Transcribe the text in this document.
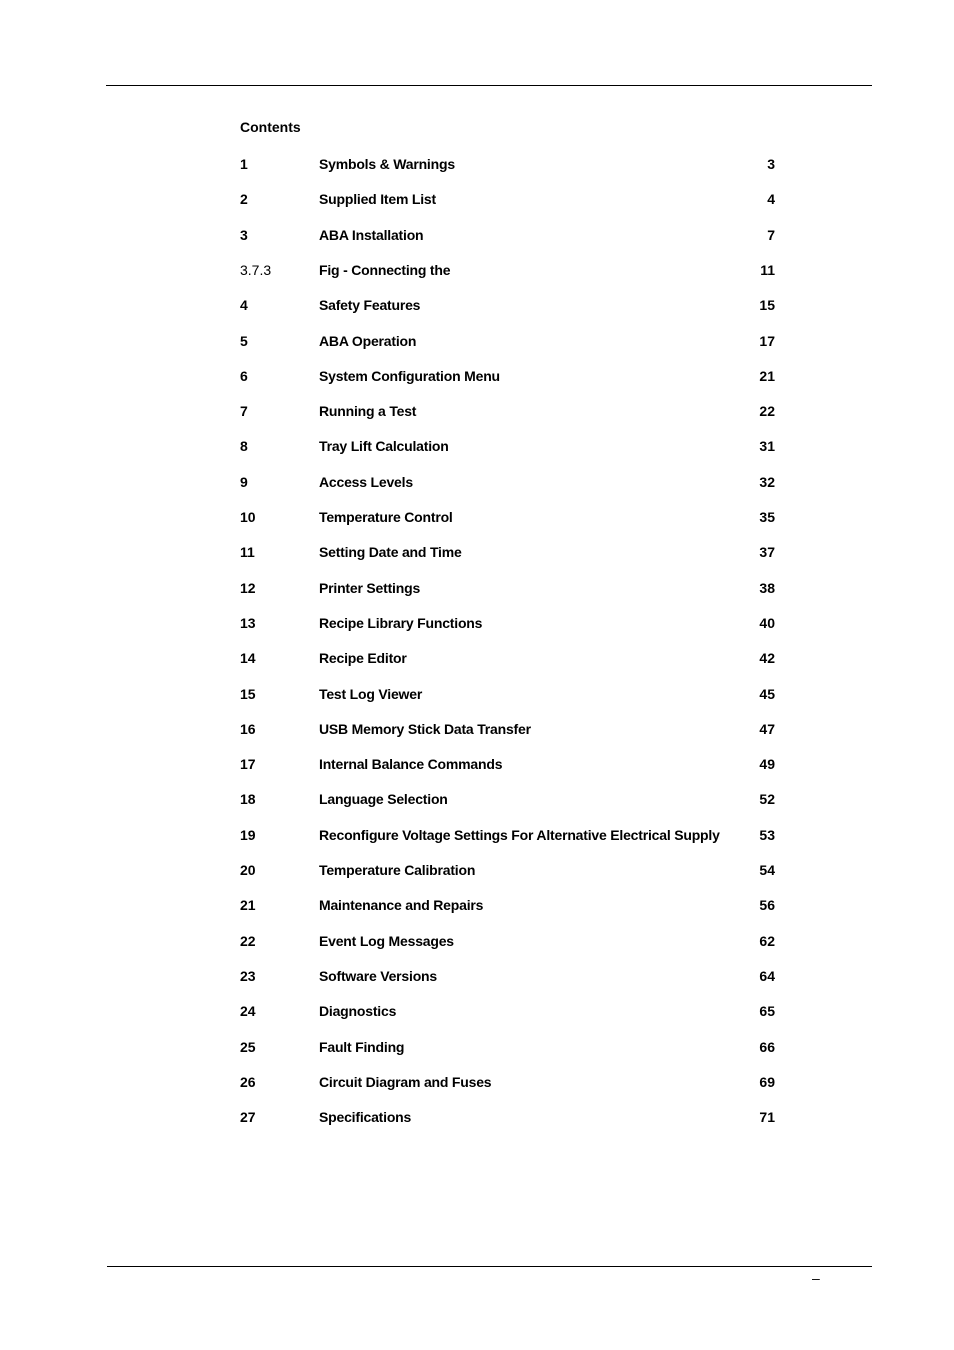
Contents
1	Symbols & Warnings	3
2	Supplied Item List	4
3	ABA Installation	7
3.7.3	Fig - Connecting the	11
4	Safety Features	15
5	ABA Operation	17
6	System Configuration Menu	21
7	Running a Test	22
8	Tray Lift Calculation	31
9	Access Levels	32
10	Temperature Control	35
11	Setting Date and Time	37
12	Printer Settings	38
13	Recipe Library Functions	40
14	Recipe Editor	42
15	Test Log Viewer	45
16	USB Memory Stick Data Transfer	47
17	Internal Balance Commands	49
18	Language Selection	52
19	Reconfigure Voltage Settings For Alternative Electrical Supply	53
20	Temperature Calibration	54
21	Maintenance and Repairs	56
22	Event Log Messages	62
23	Software Versions	64
24	Diagnostics	65
25	Fault Finding	66
26	Circuit Diagram and Fuses	69
27	Specifications	71
–
